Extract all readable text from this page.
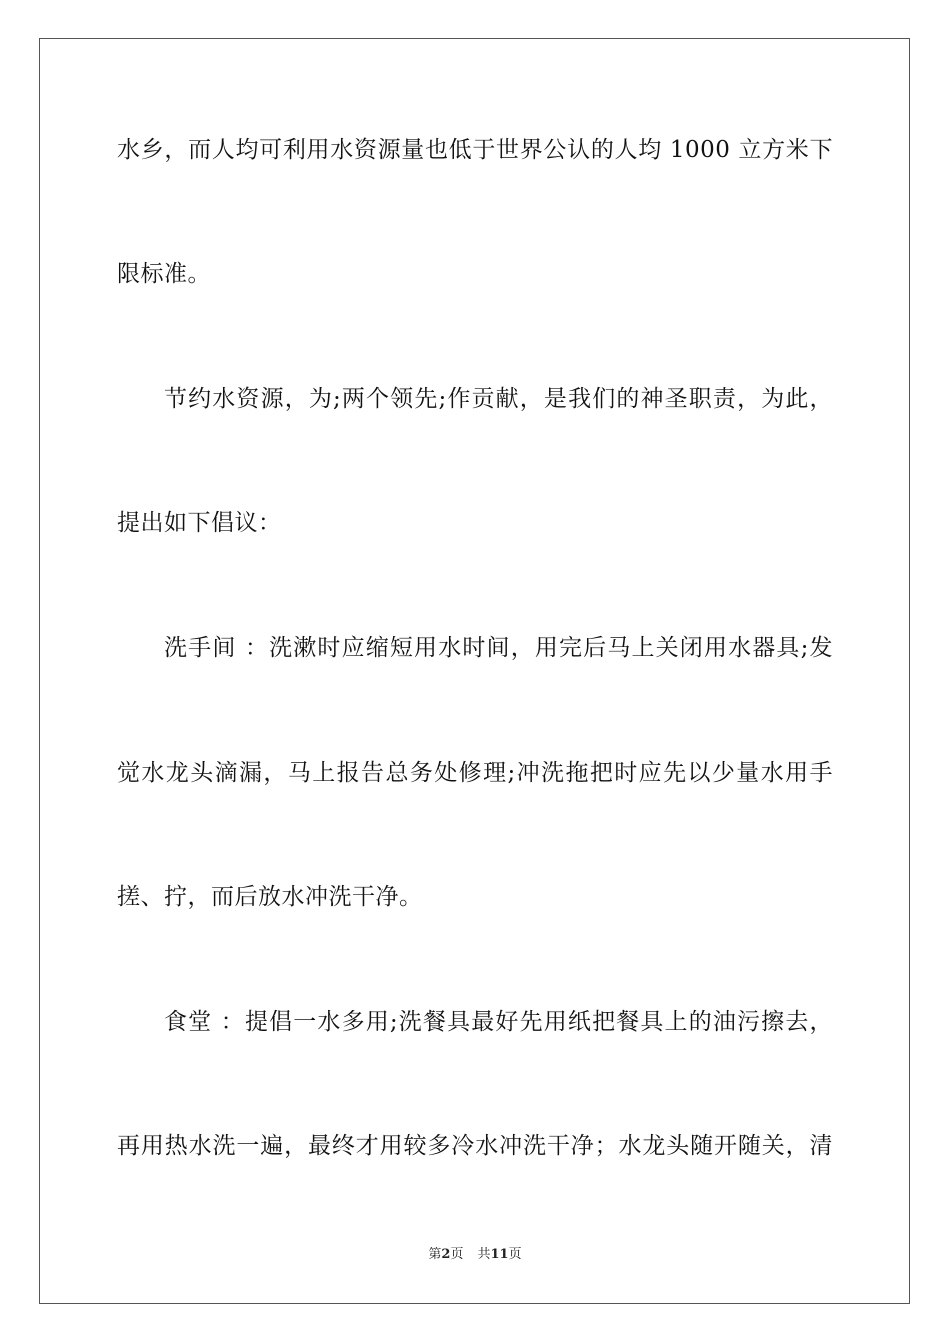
水乡，而人均可利用水资源量也低于世界公认的人均 1000 立方米下
限标准。
节约水资源，为;两个领先;作贡献，是我们的神圣职责，为此，
提出如下倡议：
洗手间 ：洗漱时应缩短用水时间，用完后马上关闭用水器具;发
觉水龙头滴漏，马上报告总务处修理;冲洗拖把时应先以少量水用手
搓、拧，而后放水冲洗干净。
食堂 ：提倡一水多用;洗餐具最好先用纸把餐具上的油污擦去，
再用热水洗一遍，最终才用较多冷水冲洗干净；水龙头随开随关，清
第2页 共11页
